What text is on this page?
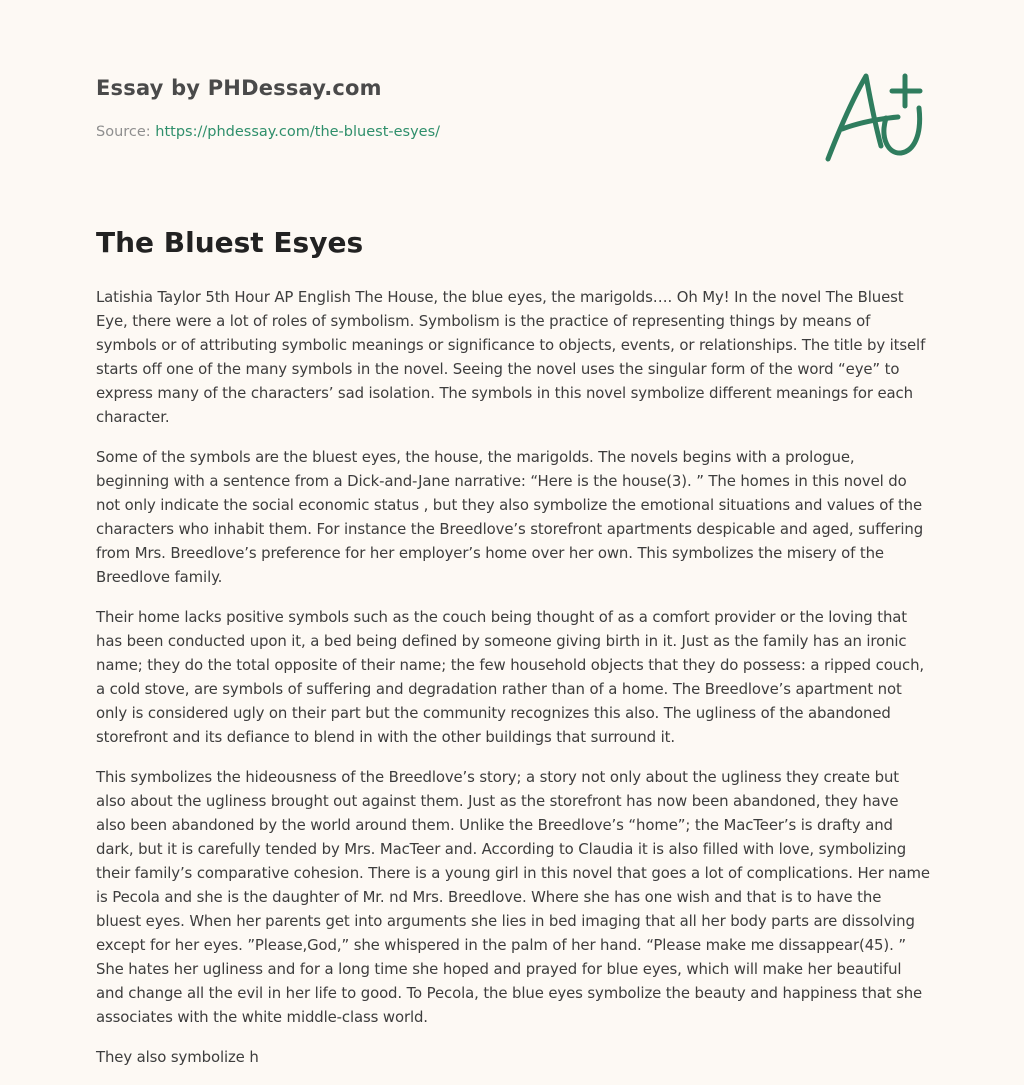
Essay by PHDessay.com
Source: https://phdessay.com/the-bluest-esyes/
The Bluest Esyes

Latishia Taylor 5th Hour AP English The House, the blue eyes, the marigolds…. Oh My! In the novel The Bluest Eye, there were a lot of roles of symbolism. Symbolism is the practice of representing things by means of symbols or of attributing symbolic meanings or significance to objects, events, or relationships. The title by itself starts off one of the many symbols in the novel. Seeing the novel uses the singular form of the word “eye” to express many of the characters’ sad isolation. The symbols in this novel symbolize different meanings for each character.

Some of the symbols are the bluest eyes, the house, the marigolds. The novels begins with a prologue, beginning with a sentence from a Dick-and-Jane narrative: “Here is the house(3). ” The homes in this novel do not only indicate the social economic status , but they also symbolize the emotional situations and values of the characters who inhabit them. For instance the Breedlove’s storefront apartments despicable and aged, suffering from Mrs. Breedlove’s preference for her employer’s home over her own. This symbolizes the misery of the Breedlove family.

Their home lacks positive symbols such as the couch being thought of as a comfort provider or the loving that has been conducted upon it, a bed being defined by someone giving birth in it. Just as the family has an ironic name; they do the total opposite of their name; the few household objects that they do possess: a ripped couch, a cold stove, are symbols of suffering and degradation rather than of a home. The Breedlove’s apartment not only is considered ugly on their part but the community recognizes this also. The ugliness of the abandoned storefront and its defiance to blend in with the other buildings that surround it.

This symbolizes the hideousness of the Breedlove’s story; a story not only about the ugliness they create but also about the ugliness brought out against them. Just as the storefront has now been abandoned, they have also been abandoned by the world around them. Unlike the Breedlove’s “home”; the MacTeer’s is drafty and dark, but it is carefully tended by Mrs. MacTeer and. According to Claudia it is also filled with love, symbolizing their family’s comparative cohesion. There is a young girl in this novel that goes a lot of complications. Her name is Pecola and she is the daughter of Mr. nd Mrs. Breedlove. Where she has one wish and that is to have the bluest eyes. When her parents get into arguments she lies in bed imaging that all her body parts are dissolving except for her eyes. ”Please,God,” she whispered in the palm of her hand. “Please make me dissappear(45). ” She hates her ugliness and for a long time she hoped and prayed for blue eyes, which will make her beautiful and change all the evil in her life to good. To Pecola, the blue eyes symbolize the beauty and happiness that she associates with the white middle-class world.

They also symbolize h
